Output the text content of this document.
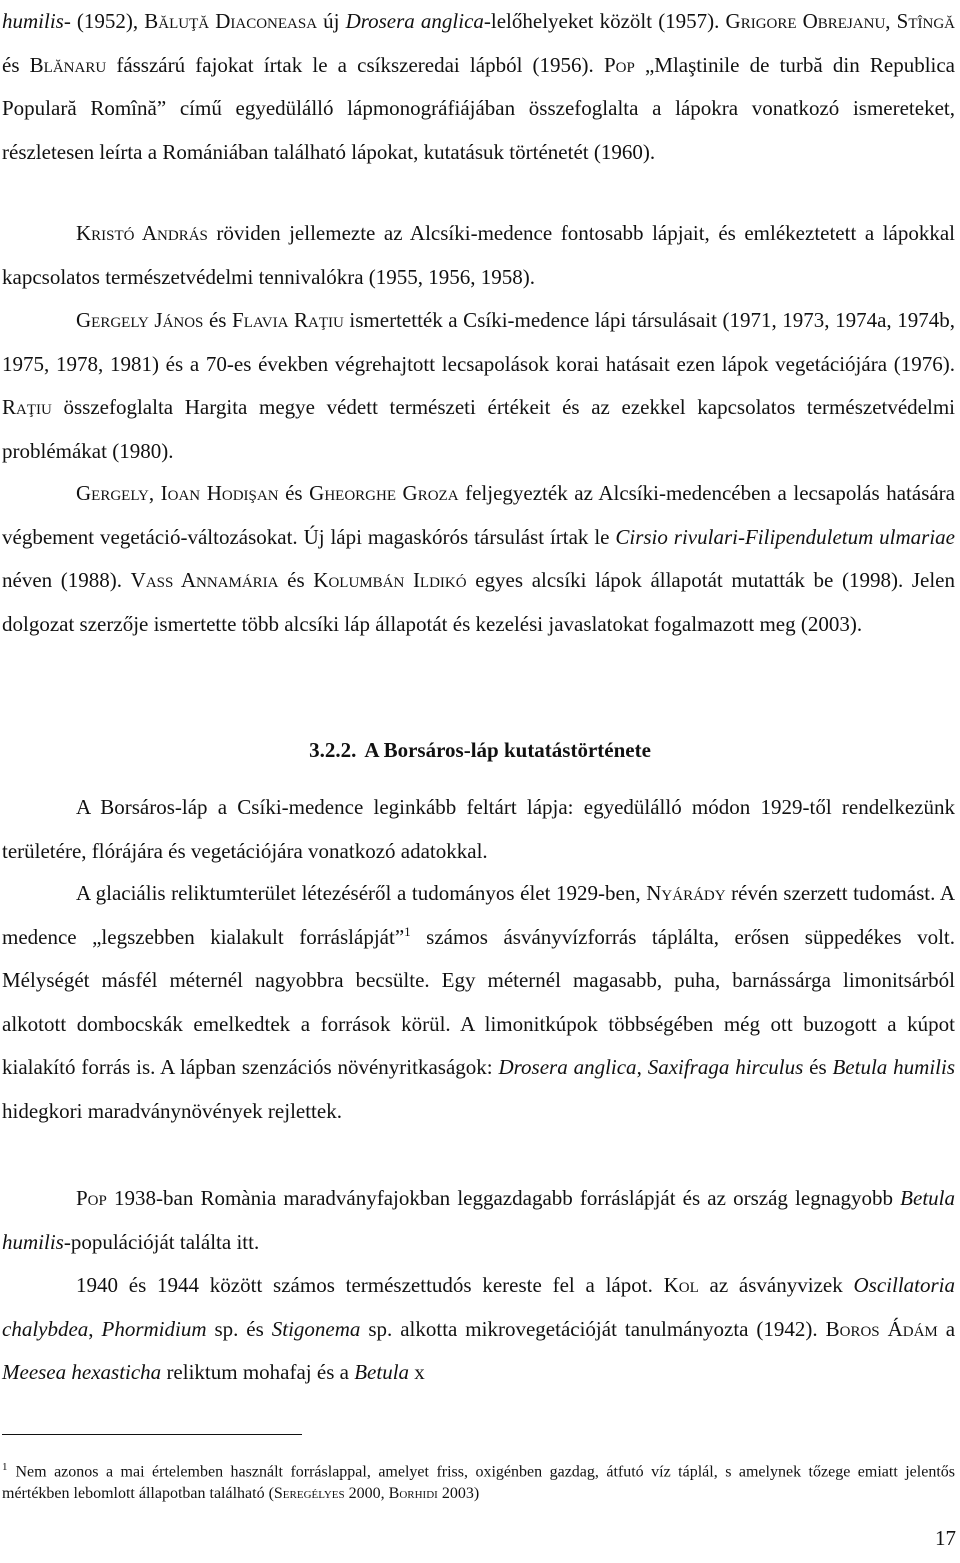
humilis- (1952), Băluţă Diaconeasa új Drosera anglica-lelőhelyeket közölt (1957). Grigore Obrejanu, Stîngă és Blănaru fásszárú fajokat írtak le a csíkszeredai lápból (1956). Pop „Mlaştinile de turbă din Republica Populară Romînă” című egyedülálló lápmonográfiájában összefoglalta a lápokra vonatkozó ismereteket, részletesen leírta a Romániában található lápokat, kutatásuk történetét (1960).

Kristó András röviden jellemezte az Alcsíki-medence fontosabb lápjait, és emlékeztetett a lápokkal kapcsolatos természetvédelmi tennivalókra (1955, 1956, 1958).

Gergely János és Flavia Raţiu ismertették a Csíki-medence lápi társulásait (1971, 1973, 1974a, 1974b, 1975, 1978, 1981) és a 70-es években végrehajtott lecsapolások korai hatásait ezen lápok vegetációjára (1976). Raţiu összefoglalta Hargita megye védett természeti értékeit és az ezekkel kapcsolatos természetvédelmi problémákat (1980).

Gergely, Ioan Hodişan és Gheorghe Groza feljegyezték az Alcsíki-medencében a lecsapolás hatására végbement vegetáció-változásokat. Új lápi magaskórós társulást írtak le Cirsio rivulari-Filipenduletum ulmariae néven (1988). Vass Annamária és Kolumbán Ildikó egyes alcsíki lápok állapotát mutatták be (1998). Jelen dolgozat szerzője ismertette több alcsíki láp állapotát és kezelési javaslatokat fogalmazott meg (2003).

3.2.2. A Borsáros-láp kutatástörténete

A Borsáros-láp a Csíki-medence leginkább feltárt lápja: egyedülálló módon 1929-től rendelkezünk területére, flórájára és vegetációjára vonatkozó adatokkal.

A glaciális reliktumterület létezéséről a tudományos élet 1929-ben, Nyárády révén szerzett tudomást. A medence „legszebben kialakult forráslápját”$^1$ számos ásványvízforrás táplálta, erősen süppedékes volt. Mélységét másfél méternél nagyobbra becsülte. Egy méternél magasabb, puha, barnássárga limonitsárból alkotott dombocskák emelkedtek a források körül. A limonitkúpok többségében még ott buzogott a kúpot kialakító forrás is. A lápban szenzációs növényritkaságok: Drosera anglica, Saxifraga hirculus és Betula humilis hidegkori maradványnövények rejlettek.

Pop 1938-ban Romània maradványfajokban leggazdagabb forráslápját és az ország legnagyobb Betula humilis-populációját találta itt.

1940 és 1944 között számos természettudós kereste fel a lápot. Kol az ásványvizek Oscillatoria chalybdea, Phormidium sp. és Stigonema sp. alkotta mikrovegetációját tanulmányozta (1942). Boros Ádám a Meesea hexasticha reliktum mohafaj és a Betula x

$^1$ Nem azonos a mai értelemben használt forráslappal, amelyet friss, oxigénben gazdag, átfutó víz táplál, s amelynek tőzege emiatt jelentős mértékben lebomlott állapotban található (Seregélyes 2000, Borhidi 2003)

17
